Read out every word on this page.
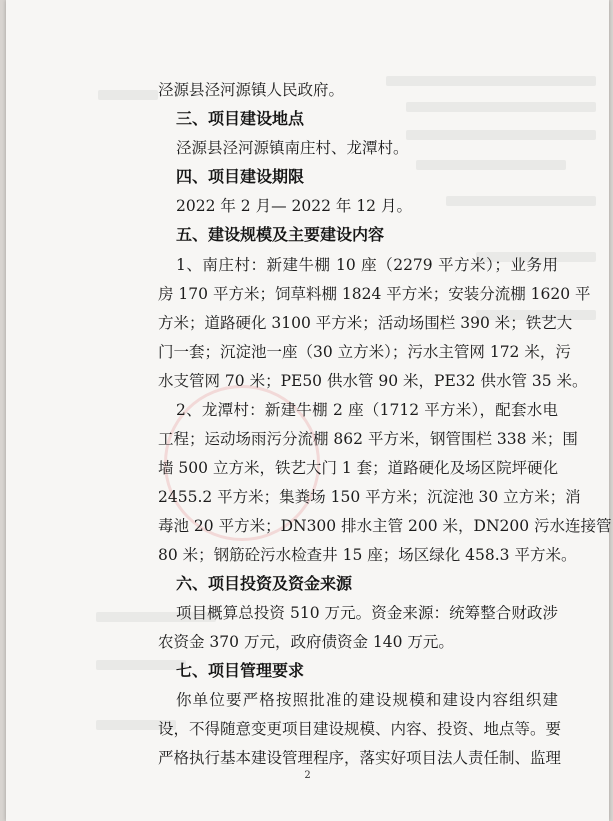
泾源县泾河源镇人民政府。
三、项目建设地点
泾源县泾河源镇南庄村、龙潭村。
四、项目建设期限
2022 年 2 月— 2022 年 12 月。
五、建设规模及主要建设内容
1、南庄村：新建牛棚 10 座（2279 平方米）；业务用
房 170 平方米；饲草料棚 1824 平方米；安装分流棚 1620 平
方米；道路硬化 3100 平方米；活动场围栏 390 米；铁艺大
门一套；沉淀池一座（30 立方米）；污水主管网 172 米，污
水支管网 70 米；PE50 供水管 90 米，PE32 供水管 35 米。
2、龙潭村：新建牛棚 2 座（1712 平方米），配套水电
工程；运动场雨污分流棚 862 平方米，钢管围栏 338 米；围
墙 500 立方米，铁艺大门 1 套；道路硬化及场区院坪硬化
2455.2 平方米；集粪场 150 平方米；沉淀池 30 立方米；消
毒池 20 平方米；DN300 排水主管 200 米，DN200 污水连接管
80 米；钢筋砼污水检查井 15 座；场区绿化 458.3 平方米。
六、项目投资及资金来源
项目概算总投资 510 万元。资金来源：统筹整合财政涉
农资金 370 万元，政府债资金 140 万元。
七、项目管理要求
你单位要严格按照批准的建设规模和建设内容组织建
设，不得随意变更项目建设规模、内容、投资、地点等。要
严格执行基本建设管理程序，落实好项目法人责任制、监理
2
